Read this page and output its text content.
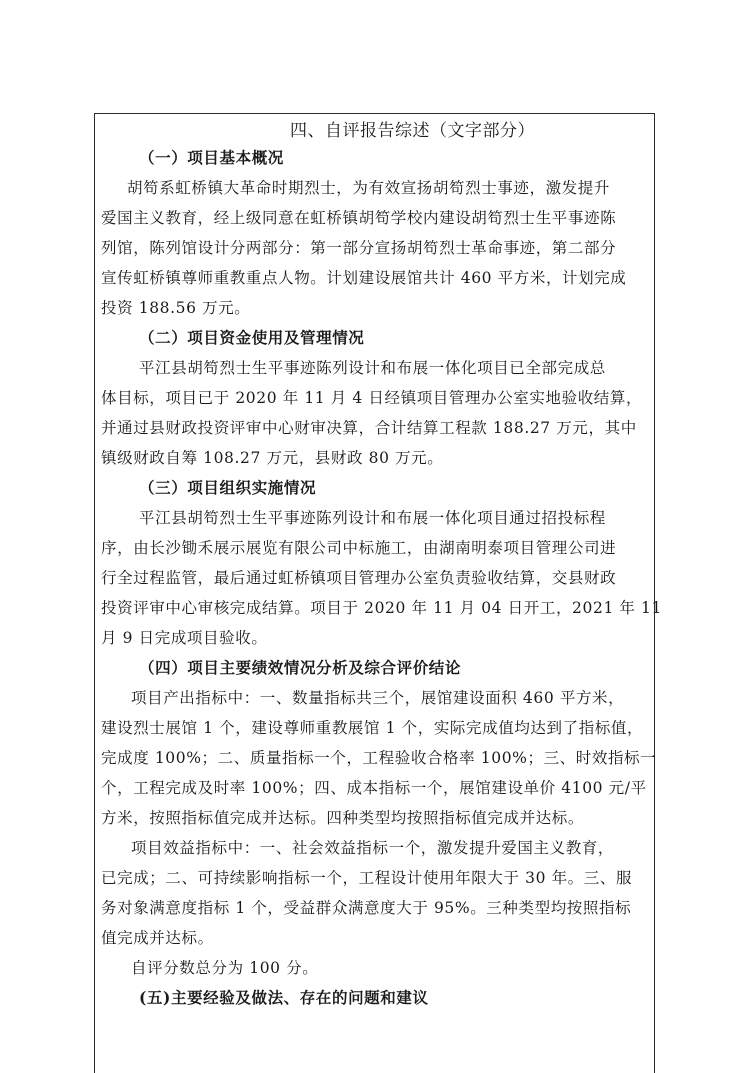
四、自评报告综述（文字部分）
（一）项目基本概况
胡笱系虹桥镇大革命时期烈士，为有效宣扬胡笱烈士事迹，激发提升
爱国主义教育，经上级同意在虹桥镇胡笱学校内建设胡笱烈士生平事迹陈
列馆，陈列馆设计分两部分：第一部分宣扬胡笱烈士革命事迹，第二部分
宣传虹桥镇尊师重教重点人物。计划建设展馆共计 460 平方米，计划完成
投资 188.56 万元。
（二）项目资金使用及管理情况
平江县胡笱烈士生平事迹陈列设计和布展一体化项目已全部完成总
体目标，项目已于 2020 年 11 月 4 日经镇项目管理办公室实地验收结算，
并通过县财政投资评审中心财审决算，合计结算工程款 188.27 万元，其中
镇级财政自筹 108.27 万元，县财政 80 万元。
（三）项目组织实施情况
平江县胡笱烈士生平事迹陈列设计和布展一体化项目通过招投标程
序，由长沙锄禾展示展览有限公司中标施工，由湖南明泰项目管理公司进
行全过程监管，最后通过虹桥镇项目管理办公室负责验收结算，交县财政
投资评审中心审核完成结算。项目于 2020 年 11 月 04 日开工，2021 年 11
月 9 日完成项目验收。
（四）项目主要绩效情况分析及综合评价结论
项目产出指标中：一、数量指标共三个，展馆建设面积 460 平方米，
建设烈士展馆 1 个，建设尊师重教展馆 1 个，实际完成值均达到了指标值，
完成度 100%；二、质量指标一个，工程验收合格率 100%；三、时效指标一
个，工程完成及时率 100%；四、成本指标一个，展馆建设单价 4100 元/平
方米，按照指标值完成并达标。四种类型均按照指标值完成并达标。
项目效益指标中：一、社会效益指标一个，激发提升爱国主义教育，
已完成；二、可持续影响指标一个，工程设计使用年限大于 30 年。三、服
务对象满意度指标 1 个，受益群众满意度大于 95%。三种类型均按照指标
值完成并达标。
自评分数总分为 100 分。
(五)主要经验及做法、存在的问题和建议
